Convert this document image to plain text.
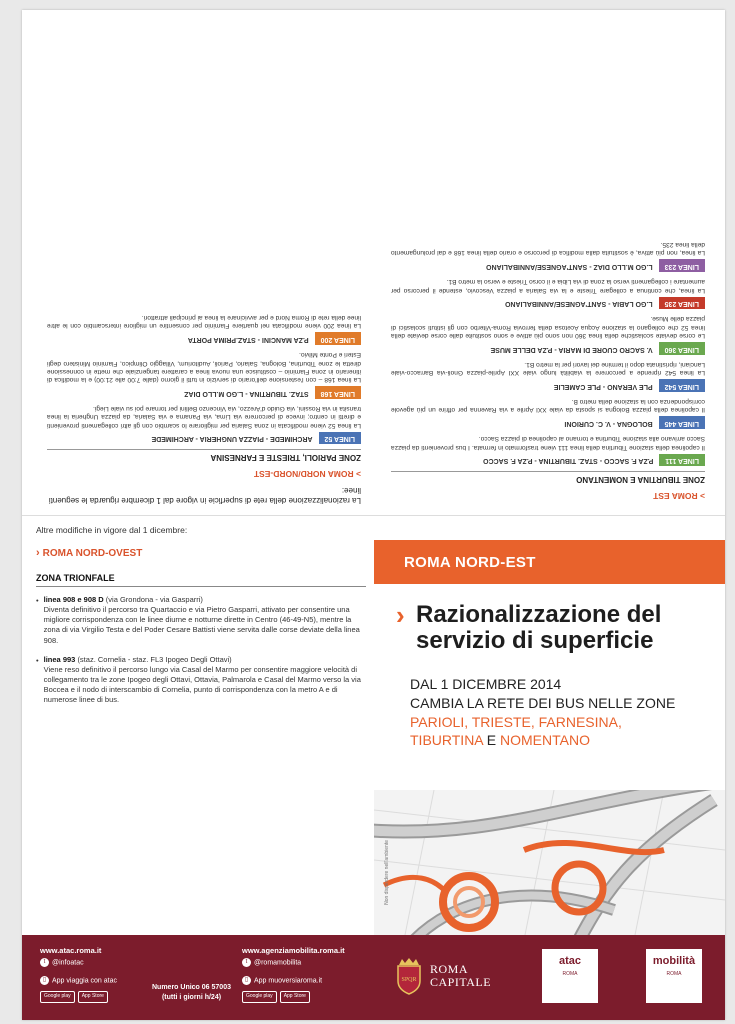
> ROMA EST
ZONE TIBURTINA E NOMENTANO
LINEA 111
P.ZA F. SACCO - STAZ. TIBURTINA - P.ZA F. SACCO

Il capolinea della stazione Tiburtina della linea 111 viene trasformato in fermata. I bus provenienti da piazza Sacco arrivano alla stazione Tiburtina e tornano al capolinea di piazza Sacco.

LINEA 445
BOLOGNA - V. C. CURIONI

Il capolinea della piazza Bologna si sposta da viale XXI Aprile a via Ravenna per offrire un più agevole corrispondenza con la stazione della metro B.

LINEA 542
PLE VERANO - PLE CAMELIE

La linea 542 riprende a percorrere la viabilità lungo viale XXI Aprile-piazza Gnoli-via Barracco-viale Lanciani, ripristinata dopo il termine dei lavori per la metro B1.

LINEA 360
V. SACRO CUORE DI MARIA - P.ZA DELLE MUSE

Le corse deviate scolastiche della linea 360 non sono più attive e sono sostituite dalle corse deviate della linea 52 che collegano la stazione Acqua Acetosa della ferrovia Roma-Viterbo con gli istituti scolastici di piazza delle Muse.

LINEA 235
L.GO LABIA - SANT'AGNESE/ANNIBALIANO

La linea, che continua a collegare Trieste e la via Salaria a piazza Vescovio, estende il percorso per aumentare i collegamenti verso la zona di via Libia e il corso Trieste e verso la metro B1.

LINEA 233
L.GO M.LLO DIAZ - SANT'AGNESE/ANNIBALIANO

La linea, non più attiva, è sostituita dalla modifica di percorso e orario della linea 168 e dal prolungamento della linea 235.

La razionalizzazione della rete di superficie in vigore dal 1 dicembre riguarda le seguenti linee:

> ROMA NORD/NORD-EST
ZONE PARIOLI, TRIESTE E FARNESINA
LINEA 52
ARCHIMEDE - PIAZZA UNGHERIA - ARCHIMEDE

La linea 52 viene modificata in zona Salaria per migliorare lo scambio con gli altri collegamenti provenienti e diretti in centro; invece di percorrere via Lima, via Panama e via Salaria, da piazza Ungheria la linea transita in via Rossini, via Guido d'Arezzo, via Vincenzo Bellini per tornare poi su viale Liegi.

LINEA 168
STAZ. TIBURTINA - L.GO M.LLO DIAZ

La linea 168 – con l'estensione dell'orario di servizio in tutti il giorno (dalle 7:00 alle 21:00) e la modifica di itinerario in zona Flaminio – costituisce una nuova linea a carattere tangenziale che mette in connessione diretta le zone Tiburtina, Bologna, Salario, Parioli, Auditorium, Villaggio Olimpico, Flaminio Ministero degli Esteri e Ponte Milvio.

LINEA 200
P.ZA MANCINI - STAZ.PRIMA PORTA

La linea 200 viene modificata nel quartiere Flaminio per consentire un migliore interscambio con le altre linee della rete di Roma Nord e per avvicinare la linea ai principali attrattori.

Altre modifiche in vigore dal 1 dicembre:

› ROMA NORD-OVEST
ZONA TRIONFALE
• linea 908 e 908 D (via Grondona - via Gasparri)
Diventa definitivo il percorso tra Quartaccio e via Pietro Gasparri, attivato per consentire una migliore corrispondenza con le linee diurne e notturne dirette in Centro (46-49-N5), mentre la zona di via Virgilio Testa e del Poder Cesare Battisti viene servita dalle corse deviate della linea 908.
• linea 993 (staz. Cornelia - staz. FL3 Ipogeo Degli Ottavi)
Viene reso definitivo il percorso lungo via Casal del Marmo per consentire maggiore velocità di collegamento tra le zone Ipogeo degli Ottavi, Ottavia, Palmarola e Casal del Marmo verso la via Boccea e il nodo di interscambio di Cornelia, punto di corrispondenza con la metro A e di numerose linee di bus.
ROMA NORD-EST
› Razionalizzazione del
servizio di superficie
DAL 1 DICEMBRE 2014
CAMBIA LA RETE DEI BUS NELLE ZONE
PARIOLI, TRIESTE, FARNESINA,
TIBURTINA E NOMENTANO
Non disperdere nell'ambiente
www.atac.roma.it
t @infoatac

▯ App viaggia con atac
Google play App Store
Numero Unico 06 57003
(tutti i giorni h/24)
www.agenziamobilita.roma.it
t @romamobilita

▯ App muoversiaroma.it
Google play App Store
SPQR
ROMA
CAPITALE
atac
ROMA
mobilità
ROMA
